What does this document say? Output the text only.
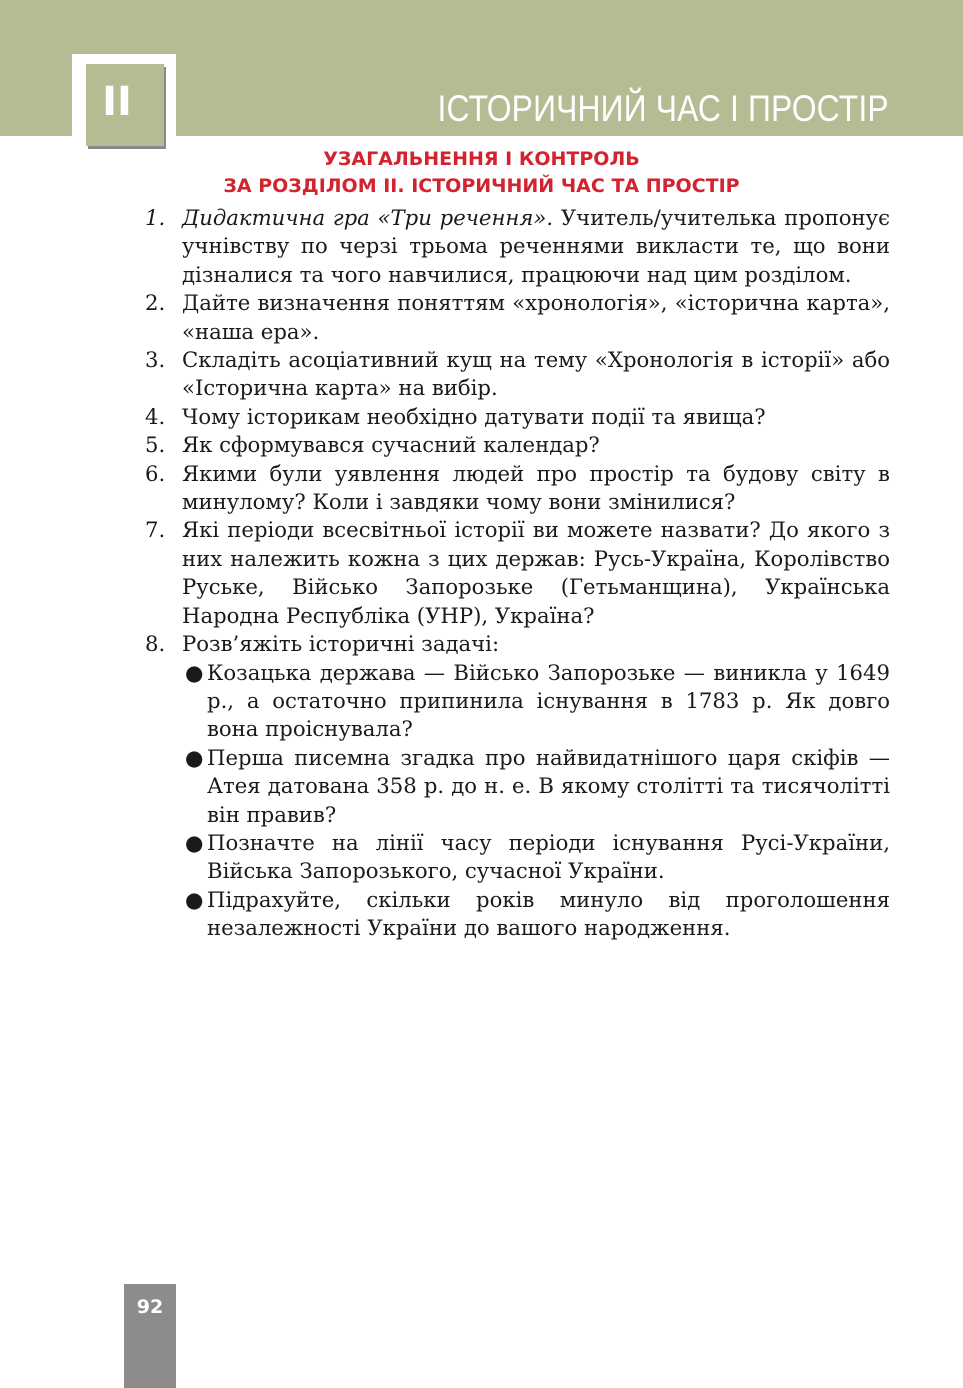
II	ІСТОРИЧНИЙ ЧАС І ПРОСТІР
УЗАГАЛЬНЕННЯ І КОНТРОЛЬ
ЗА РОЗДІЛОМ ІІ. ІСТОРИЧНИЙ ЧАС ТА ПРОСТІР
1. Дидактична гра «Три речення». Учитель/учителька пропонує учнівству по черзі трьома реченнями викласти те, що вони дізналися та чого навчилися, працюючи над цим розділом.
2. Дайте визначення поняттям «хронологія», «історична карта», «наша ера».
3. Складіть асоціативний кущ на тему «Хронологія в історії» або «Історична карта» на вибір.
4. Чому історикам необхідно датувати події та явища?
5. Як сформувався сучасний календар?
6. Якими були уявлення людей про простір та будову світу в минулому? Коли і завдяки чому вони змінилися?
7. Які періоди всесвітньої історії ви можете назвати? До якого з них належить кожна з цих держав: Русь-Україна, Королівство Руське, Військо Запорозьке (Гетьманщина), Українська Народна Республіка (УНР), Україна?
8. Розв’яжіть історичні задачі:
● Козацька держава — Військо Запорозьке — виникла у 1649 р., а остаточно припинила існування в 1783 р. Як довго вона проіснувала?
● Перша писемна згадка про найвидатнішого царя скіфів — Атея датована 358 р. до н. е. В якому столітті та тисячолітті він правив?
● Позначте на лінії часу періоди існування Русі-України, Війська Запорозького, сучасної України.
● Підрахуйте, скільки років минуло від проголошення незалежності України до вашого народження.
92
